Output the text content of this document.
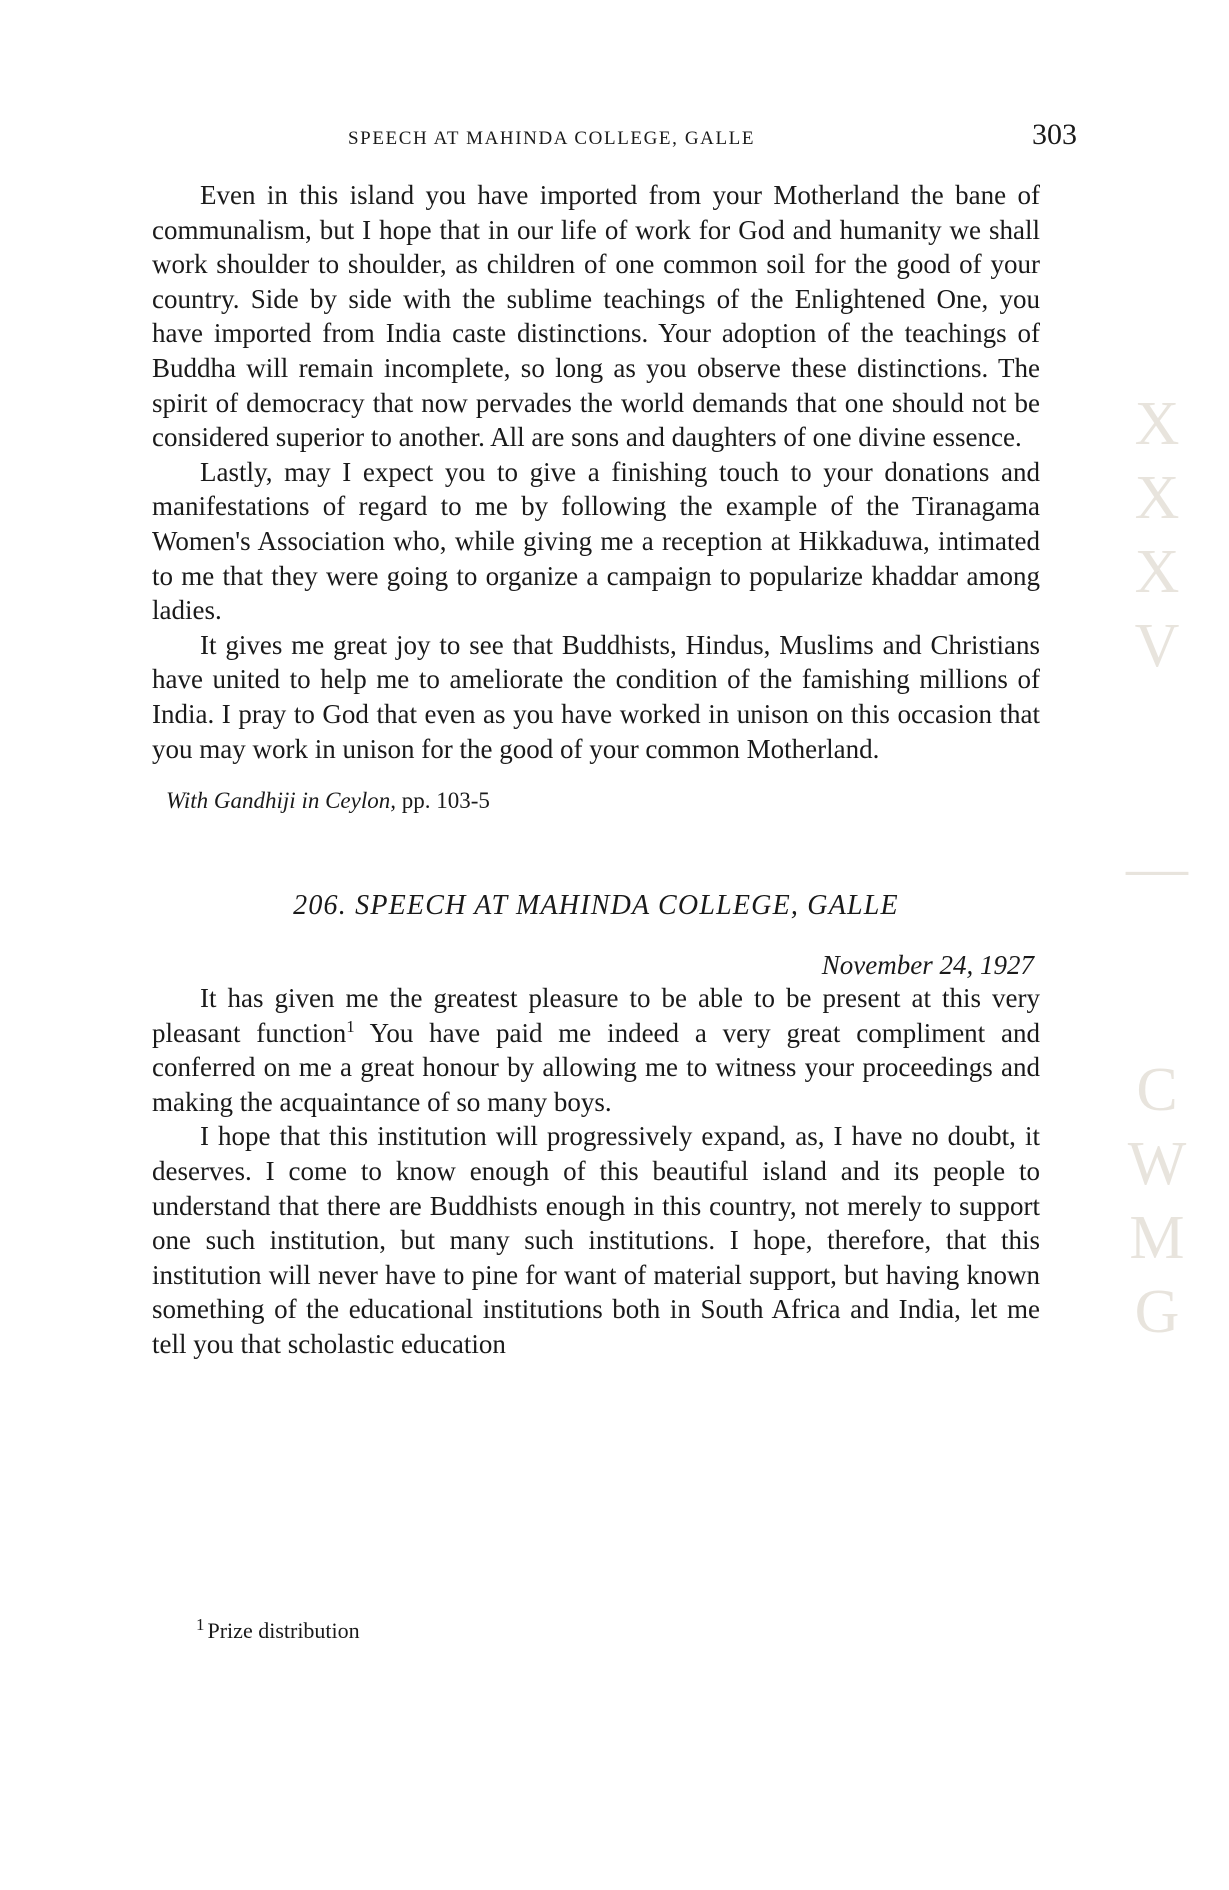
XXXV  —  CWMG
SPEECH AT MAHINDA COLLEGE, GALLE	303

Even in this island you have imported from your Motherland the bane of communalism, but I hope that in our life of work for God and humanity we shall work shoulder to shoulder, as children of one common soil for the good of your country. Side by side with the sublime teachings of the Enlightened One, you have imported from India caste distinctions. Your adoption of the teachings of Buddha will remain incomplete, so long as you observe these distinctions. The spirit of democracy that now pervades the world demands that one should not be considered superior to another. All are sons and daughters of one divine essence.

Lastly, may I expect you to give a finishing touch to your donations and manifestations of regard to me by following the example of the Tiranagama Women's Association who, while giving me a reception at Hikkaduwa, intimated to me that they were going to organize a campaign to popularize khaddar among ladies.

It gives me great joy to see that Buddhists, Hindus, Muslims and Christians have united to help me to ameliorate the condition of the famishing millions of India. I pray to God that even as you have worked in unison on this occasion that you may work in unison for the good of your common Motherland.

With Gandhiji in Ceylon, pp. 103-5
206. SPEECH AT MAHINDA COLLEGE, GALLE
November 24, 1927

It has given me the greatest pleasure to be able to be present at this very pleasant function$^1$ You have paid me indeed a very great compliment and conferred on me a great honour by allowing me to witness your proceedings and making the acquaintance of so many boys.

I hope that this institution will progressively expand, as, I have no doubt, it deserves. I come to know enough of this beautiful island and its people to understand that there are Buddhists enough in this country, not merely to support one such institution, but many such institutions. I hope, therefore, that this institution will never have to pine for want of material support, but having known something of the educational institutions both in South Africa and India, let me tell you that scholastic education

$^1$ Prize distribution
